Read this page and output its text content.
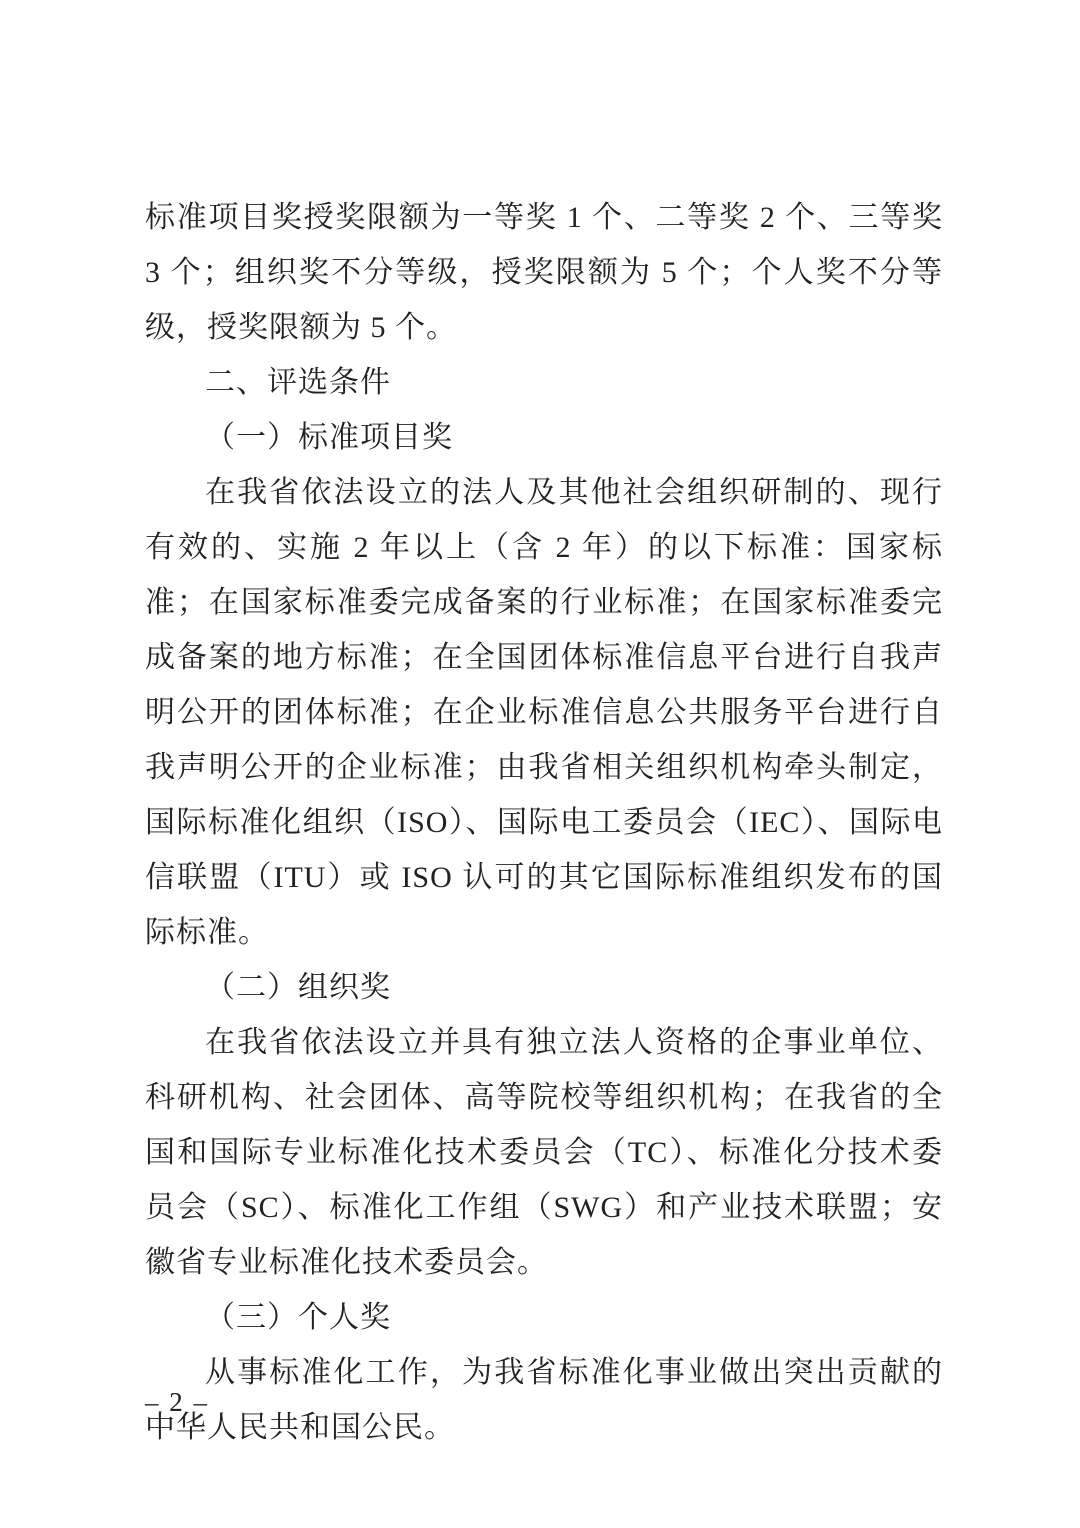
标准项目奖授奖限额为一等奖 1 个、二等奖 2 个、三等奖 3 个；组织奖不分等级，授奖限额为 5 个；个人奖不分等级，授奖限额为 5 个。

二、评选条件
（一）标准项目奖

在我省依法设立的法人及其他社会组织研制的、现行有效的、实施 2 年以上（含 2 年）的以下标准：国家标准；在国家标准委完成备案的行业标准；在国家标准委完成备案的地方标准；在全国团体标准信息平台进行自我声明公开的团体标准；在企业标准信息公共服务平台进行自我声明公开的企业标准；由我省相关组织机构牵头制定，国际标准化组织（ISO）、国际电工委员会（IEC）、国际电信联盟（ITU）或 ISO 认可的其它国际标准组织发布的国际标准。

（二）组织奖

在我省依法设立并具有独立法人资格的企事业单位、科研机构、社会团体、高等院校等组织机构；在我省的全国和国际专业标准化技术委员会（TC）、标准化分技术委员会（SC）、标准化工作组（SWG）和产业技术联盟；安徽省专业标准化技术委员会。

（三）个人奖

从事标准化工作，为我省标准化事业做出突出贡献的中华人民共和国公民。

– 2 –
